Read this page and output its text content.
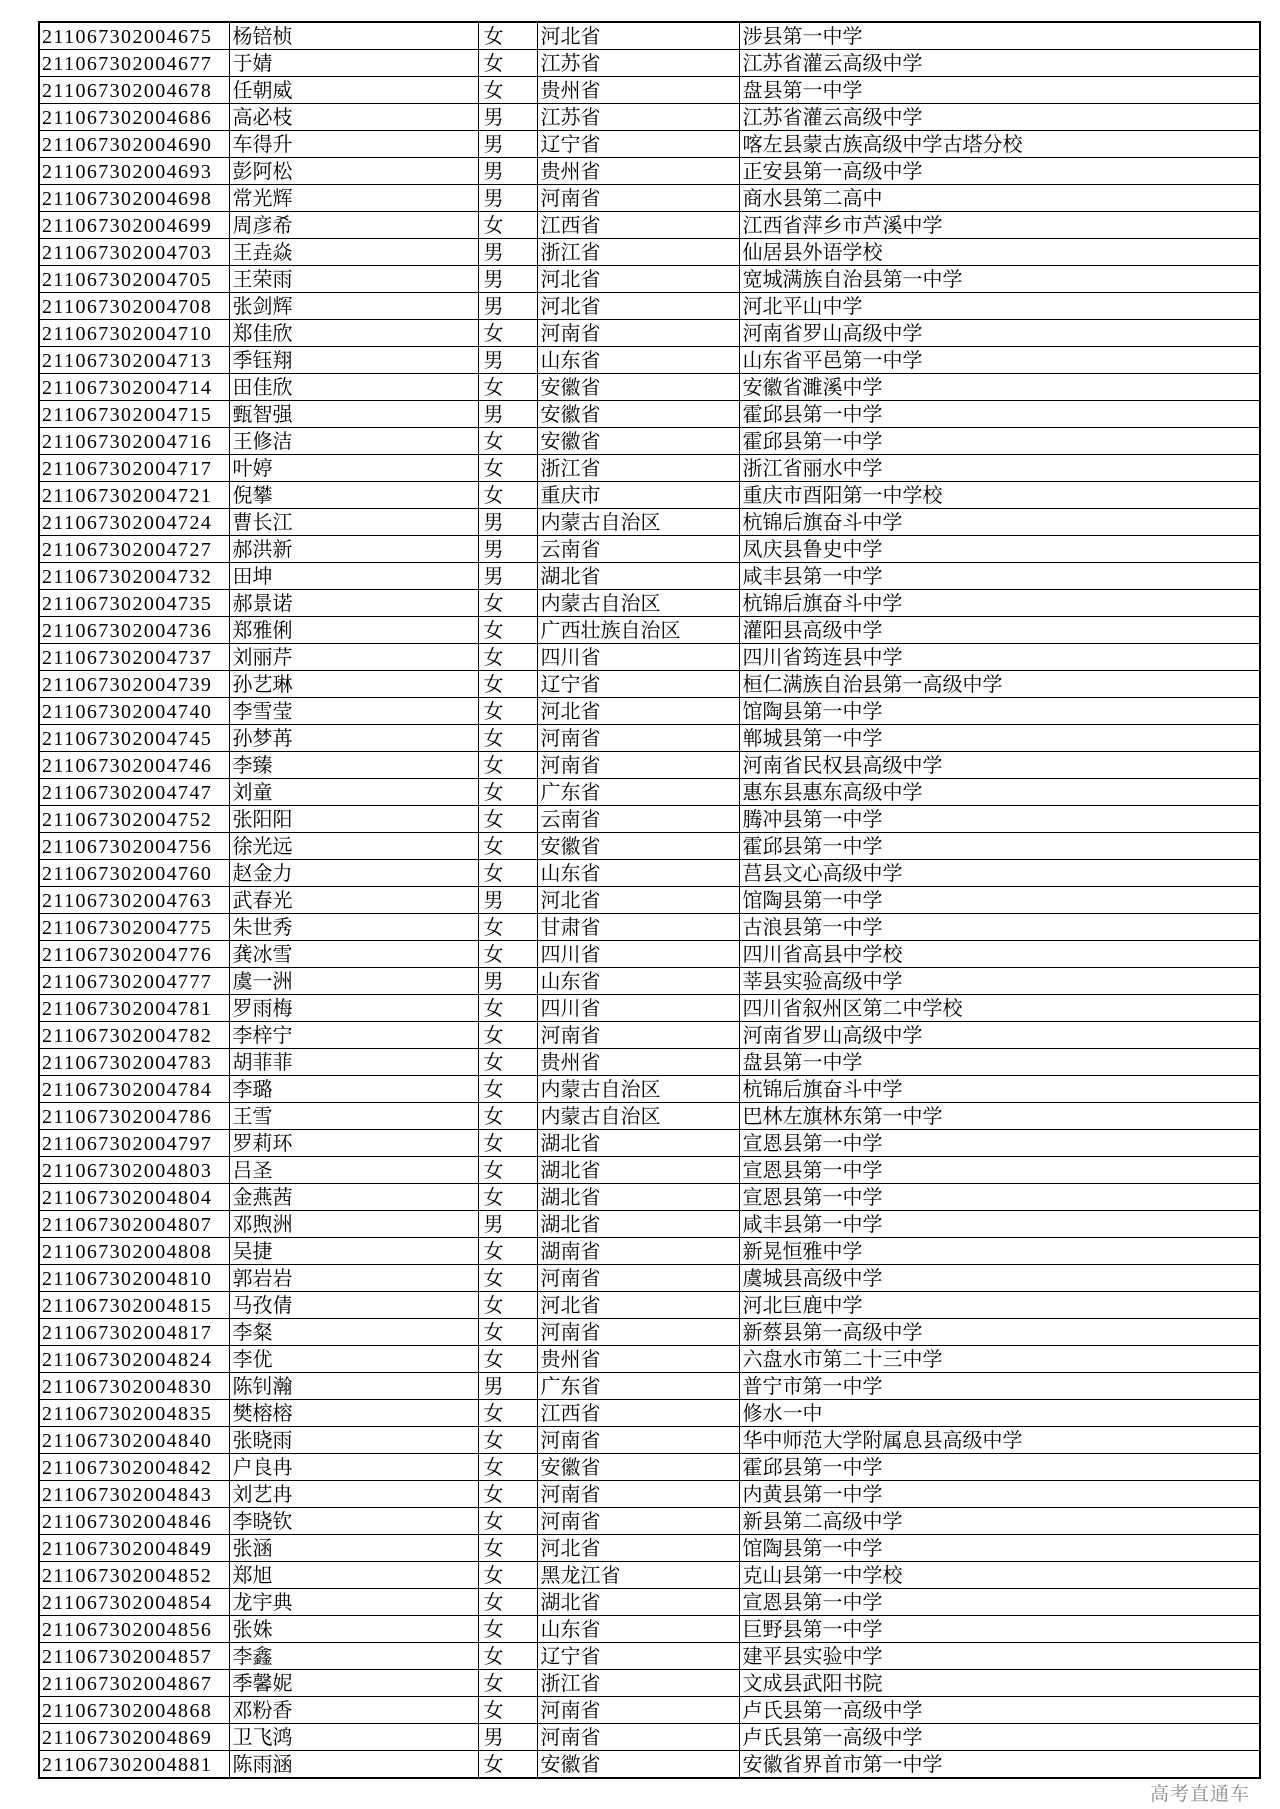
211067302004675	杨锫桢	女	河北省	涉县第一中学
211067302004677	于婧	女	江苏省	江苏省灌云高级中学
211067302004678	任朝威	女	贵州省	盘县第一中学
211067302004686	高必枝	男	江苏省	江苏省灌云高级中学
211067302004690	车得升	男	辽宁省	喀左县蒙古族高级中学古塔分校
211067302004693	彭阿松	男	贵州省	正安县第一高级中学
211067302004698	常光辉	男	河南省	商水县第二高中
211067302004699	周彦希	女	江西省	江西省萍乡市芦溪中学
211067302004703	王垚焱	男	浙江省	仙居县外语学校
211067302004705	王荣雨	男	河北省	宽城满族自治县第一中学
211067302004708	张剑辉	男	河北省	河北平山中学
211067302004710	郑佳欣	女	河南省	河南省罗山高级中学
211067302004713	季钰翔	男	山东省	山东省平邑第一中学
211067302004714	田佳欣	女	安徽省	安徽省濉溪中学
211067302004715	甄智强	男	安徽省	霍邱县第一中学
211067302004716	王修洁	女	安徽省	霍邱县第一中学
211067302004717	叶婷	女	浙江省	浙江省丽水中学
211067302004721	倪攀	女	重庆市	重庆市酉阳第一中学校
211067302004724	曹长江	男	内蒙古自治区	杭锦后旗奋斗中学
211067302004727	郝洪新	男	云南省	凤庆县鲁史中学
211067302004732	田坤	男	湖北省	咸丰县第一中学
211067302004735	郝景诺	女	内蒙古自治区	杭锦后旗奋斗中学
211067302004736	郑雅俐	女	广西壮族自治区	灌阳县高级中学
211067302004737	刘丽芹	女	四川省	四川省筠连县中学
211067302004739	孙艺琳	女	辽宁省	桓仁满族自治县第一高级中学
211067302004740	李雪莹	女	河北省	馆陶县第一中学
211067302004745	孙梦苒	女	河南省	郸城县第一中学
211067302004746	李臻	女	河南省	河南省民权县高级中学
211067302004747	刘童	女	广东省	惠东县惠东高级中学
211067302004752	张阳阳	女	云南省	腾冲县第一中学
211067302004756	徐光远	女	安徽省	霍邱县第一中学
211067302004760	赵金力	女	山东省	莒县文心高级中学
211067302004763	武春光	男	河北省	馆陶县第一中学
211067302004775	朱世秀	女	甘肃省	古浪县第一中学
211067302004776	龚冰雪	女	四川省	四川省高县中学校
211067302004777	虞一洲	男	山东省	莘县实验高级中学
211067302004781	罗雨梅	女	四川省	四川省叙州区第二中学校
211067302004782	李梓宁	女	河南省	河南省罗山高级中学
211067302004783	胡菲菲	女	贵州省	盘县第一中学
211067302004784	李璐	女	内蒙古自治区	杭锦后旗奋斗中学
211067302004786	王雪	女	内蒙古自治区	巴林左旗林东第一中学
211067302004797	罗莉环	女	湖北省	宣恩县第一中学
211067302004803	吕圣	女	湖北省	宣恩县第一中学
211067302004804	金燕茜	女	湖北省	宣恩县第一中学
211067302004807	邓煦洲	男	湖北省	咸丰县第一中学
211067302004808	吴捷	女	湖南省	新晃恒雅中学
211067302004810	郭岩岩	女	河南省	虞城县高级中学
211067302004815	马孜倩	女	河北省	河北巨鹿中学
211067302004817	李粲	女	河南省	新蔡县第一高级中学
211067302004824	李优	女	贵州省	六盘水市第二十三中学
211067302004830	陈钊瀚	男	广东省	普宁市第一中学
211067302004835	樊榕榕	女	江西省	修水一中
211067302004840	张晓雨	女	河南省	华中师范大学附属息县高级中学
211067302004842	户良冉	女	安徽省	霍邱县第一中学
211067302004843	刘艺冉	女	河南省	内黄县第一中学
211067302004846	李晓钦	女	河南省	新县第二高级中学
211067302004849	张涵	女	河北省	馆陶县第一中学
211067302004852	郑旭	女	黑龙江省	克山县第一中学校
211067302004854	龙宇典	女	湖北省	宣恩县第一中学
211067302004856	张姝	女	山东省	巨野县第一中学
211067302004857	李鑫	女	辽宁省	建平县实验中学
211067302004867	季馨妮	女	浙江省	文成县武阳书院
211067302004868	邓粉香	女	河南省	卢氏县第一高级中学
211067302004869	卫飞鸿	男	河南省	卢氏县第一高级中学
211067302004881	陈雨涵	女	安徽省	安徽省界首市第一中学
高考直通车
